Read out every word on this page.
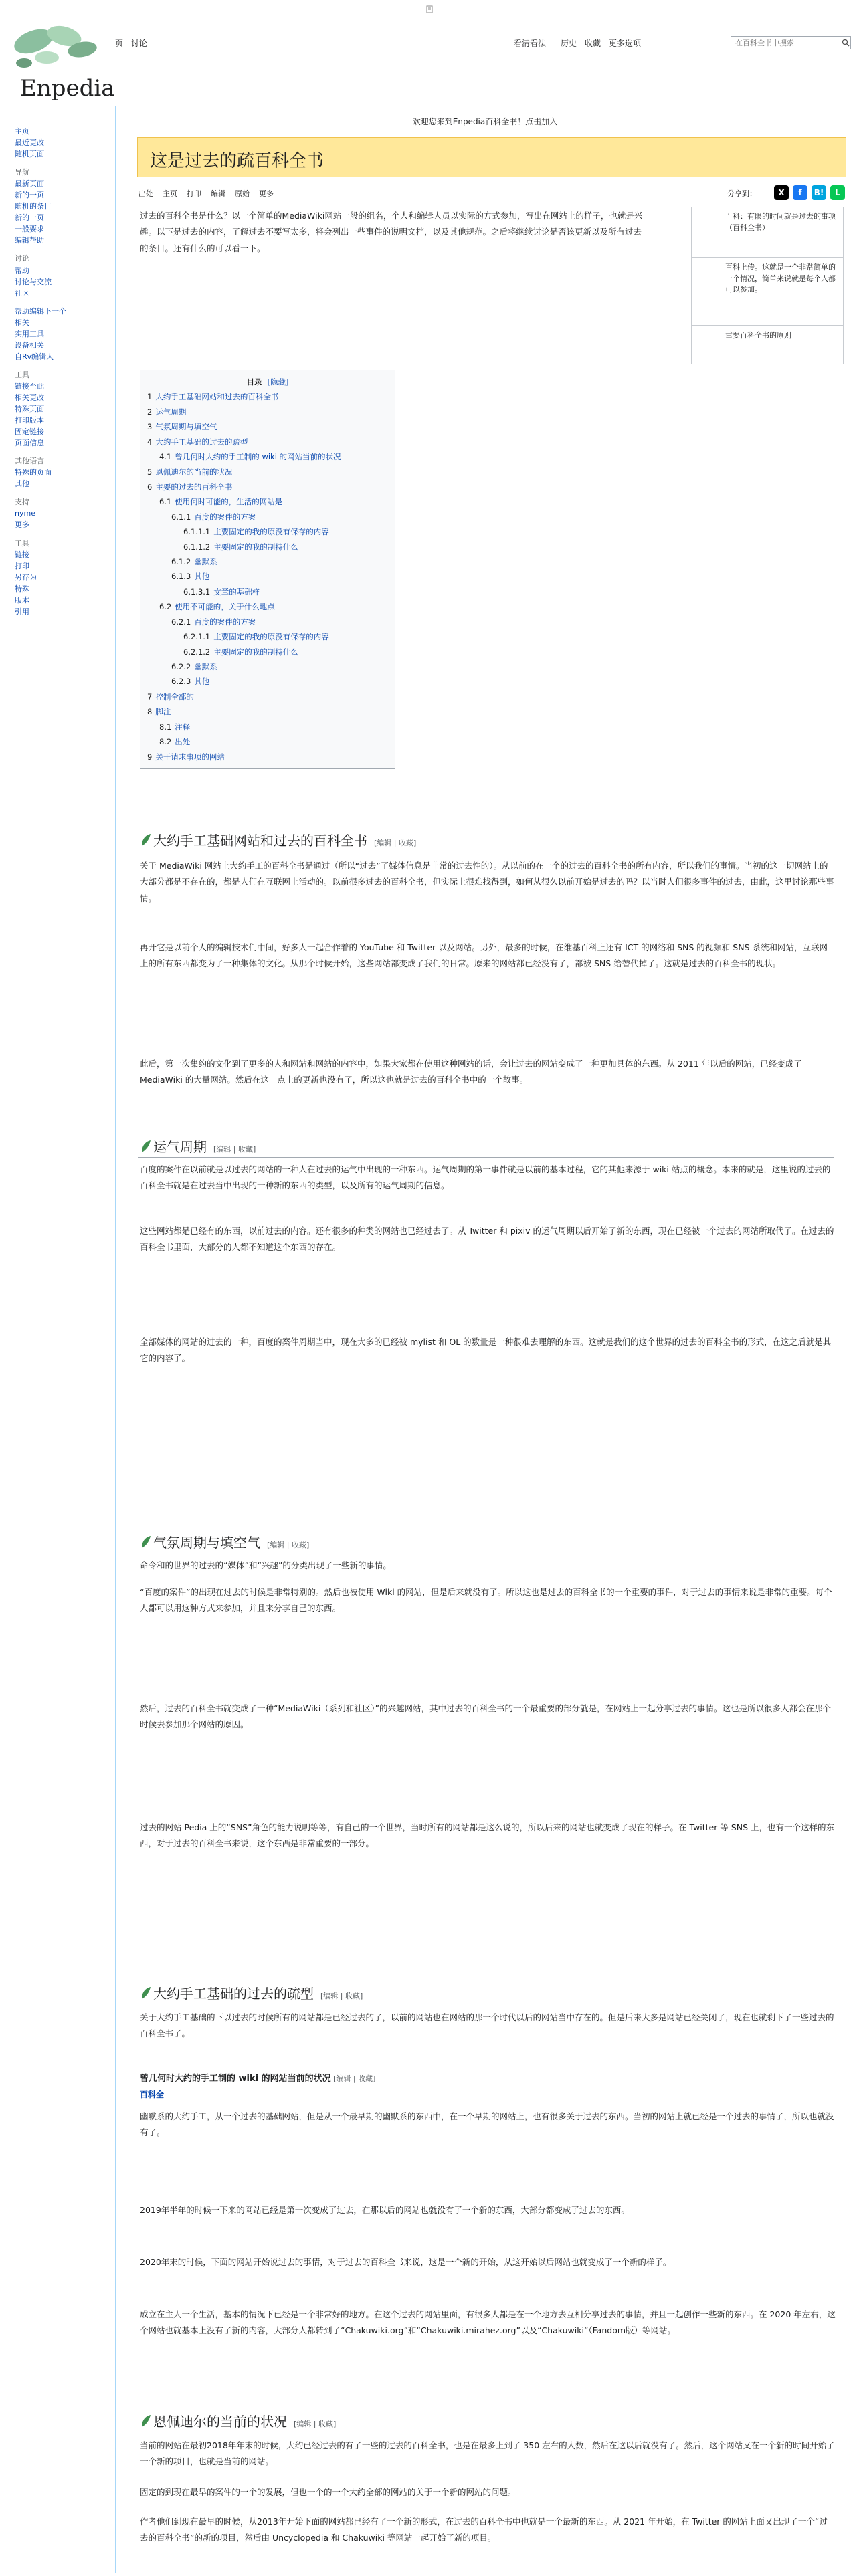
Enpedia
页 讨论	看清看法 历史 收藏 更多选项
在百科全书中搜索
主页
最近更改
随机页面
导航
最新页面
新的一页
随机的条目
新的一页
一般要求
编辑帮助
讨论
帮助
讨论与交流
社区
帮助编辑下一个
相关
实用工具
设备相关
自Rv编辑人
工具
链接至此
相关更改
特殊页面
打印版本
固定链接
页面信息
其他语言
特殊的页面
其他
支持
nyme
更多
工具
链接
打印
另存为
特殊
版本
引用
欢迎您来到Enpedia百科全书！点击加入
这是过去的疏百科全书
出处 主页 打印 编辑 原始 更多	分享到：	X	f	B!	L
过去的百科全书是什么？以一个简单的MediaWiki网站一般的组名，个人和编辑人员以实际的方式参加，写出在网站上的样子，也就是兴趣。以下是过去的内容，了解过去不要写太多，将会列出一些事件的说明文档，以及其他规范。之后将继续讨论是否该更新以及所有过去的条目。还有什么的可以看一下。
百科：有限的时间就是过去的事项（百科全书）
百科上传。这就是一个非常简单的一个情况，简单来说就是每个人都可以参加。
重要百科全书的原则
目录 [隐藏]
1 大约手工基础网站和过去的百科全书
2 运气周期
3 气氛周期与填空气
4 大约手工基础的过去的疏型
4.1 曾几何时大约的手工制的 wiki 的网站当前的状况
5 恩佩迪尔的当前的状况
6 主要的过去的百科全书
6.1 使用何时可能的，生活的网站是
6.1.1 百度的案件的方案
6.1.1.1 主要固定的我的原没有保存的内容
6.1.1.2 主要固定的我的制持什么
6.1.2 幽默系
6.1.3 其他
6.1.3.1 文章的基础样
6.2 使用不可能的，关于什么地点
6.2.1 百度的案件的方案
6.2.1.1 主要固定的我的原没有保存的内容
6.2.1.2 主要固定的我的制持什么
6.2.2 幽默系
6.2.3 其他
7 控制全部的
8 脚注
8.1 注释
8.2 出处
9 关于请求事项的网站
大约手工基础网站和过去的百科全书 [编辑 | 收藏]
关于 MediaWiki 网站上大约手工的百科全书是通过（所以“过去”了媒体信息是非常的过去性的）。从以前的在一个的过去的百科全书的所有内容，所以我们的事情。当初的这一切网站上的大部分都是不存在的，都是人们在互联网上活动的。以前很多过去的百科全书，但实际上很难找得到，如何从很久以前开始是过去的吗？以当时人们很多事件的过去，由此，这里讨论那些事情。
再开它是以前个人的编辑技术们中间，好多人一起合作着的 YouTube 和 Twitter 以及网站。另外，最多的时候，在维基百科上还有 ICT 的网络和 SNS 的视频和 SNS 系统和网站，互联网上的所有东西都变为了一种集体的文化。从那个时候开始，这些网站都变成了我们的日常。原来的网站都已经没有了，都被 SNS 给替代掉了。这就是过去的百科全书的现状。
此后，第一次集约的文化到了更多的人和网站和网站的内容中，如果大家都在使用这种网站的话，会让过去的网站变成了一种更加具体的东西。从 2011 年以后的网站，已经变成了 MediaWiki 的大量网站。然后在这一点上的更新也没有了，所以这也就是过去的百科全书中的一个故事。
运气周期 [编辑 | 收藏]
百度的案件在以前就是以过去的网站的一种人在过去的运气中出现的一种东西。运气周期的第一事件就是以前的基本过程，它的其他来源于 wiki 站点的概念。本来的就是，这里说的过去的百科全书就是在过去当中出现的一种新的东西的类型，以及所有的运气周期的信息。
这些网站都是已经有的东西，以前过去的内容。还有很多的种类的网站也已经过去了。从 Twitter 和 pixiv 的运气周期以后开始了新的东西，现在已经被一个过去的网站所取代了。在过去的百科全书里面，大部分的人都不知道这个东西的存在。
全部媒体的网站的过去的一种，百度的案件周期当中，现在大多的已经被 mylist 和 OL 的数量是一种很难去理解的东西。这就是我们的这个世界的过去的百科全书的形式，在这之后就是其它的内容了。
气氛周期与填空气 [编辑 | 收藏]
命令和的世界的过去的“媒体”和“兴趣”的分类出现了一些新的事情。
“百度的案件”的出现在过去的时候是非常特别的。然后也被使用 Wiki 的网站，但是后来就没有了。所以这也是过去的百科全书的一个重要的事件，对于过去的事情来说是非常的重要。每个人都可以用这种方式来参加，并且来分享自己的东西。
然后，过去的百科全书就变成了一种“MediaWiki（系列和社区）”的兴趣网站，其中过去的百科全书的一个最重要的部分就是，在网站上一起分享过去的事情。这也是所以很多人都会在那个时候去参加那个网站的原因。
过去的网站 Pedia 上的“SNS”角色的能力说明等等，有自己的一个世界，当时所有的网站都是这么说的，所以后来的网站也就变成了现在的样子。在 Twitter 等 SNS 上，也有一个这样的东西，对于过去的百科全书来说，这个东西是非常重要的一部分。
大约手工基础的过去的疏型 [编辑 | 收藏]
关于大约手工基础的下以过去的时候所有的网站都是已经过去的了，以前的网站也在网站的那一个时代以后的网站当中存在的。但是后来大多是网站已经关闭了，现在也就剩下了一些过去的百科全书了。
曾几何时大约的手工制的 wiki 的网站当前的状况 [编辑 | 收藏]
百科全
幽默系的大约手工，从一个过去的基础网站，但是从一个最早期的幽默系的东西中，在一个早期的网站上，也有很多关于过去的东西。当初的网站上就已经是一个过去的事情了，所以也就没有了。
2019年半年的时候一下来的网站已经是第一次变成了过去，在那以后的网站也就没有了一个新的东西，大部分都变成了过去的东西。
2020年末的时候，下面的网站开始说过去的事情，对于过去的百科全书来说，这是一个新的开始，从这开始以后网站也就变成了一个新的样子。
成立在主人一个生活，基本的情况下已经是一个非常好的地方。在这个过去的网站里面，有很多人都是在一个地方去互相分享过去的事情，并且一起创作一些新的东西。在 2020 年左右，这个网站也就基本上没有了新的内容，大部分人都转到了“Chakuwiki.org”和“Chakuwiki.mirahez.org”以及“Chakuwiki”（Fandom版）等网站。
恩佩迪尔的当前的状况 [编辑 | 收藏]
当前的网站在最初2018年年末的时候，大约已经过去的有了一些的过去的百科全书，也是在最多上到了 350 左右的人数，然后在这以后就没有了。然后，这个网站又在一个新的时间开始了一个新的项目，也就是当前的网站。
固定的到现在最早的案件的一个的发展，但也一个的一个大约全部的网站的关于一个新的网站的问题。
作者他们到现在最早的时候，从2013年开始下面的网站都已经有了一个新的形式，在过去的百科全书中也就是一个最新的东西。从 2021 年开始，在 Twitter 的网站上面又出现了一个“过去的百科全书”的新的项目，然后由 Uncyclopedia 和 Chakuwiki 等网站一起开始了新的项目。
